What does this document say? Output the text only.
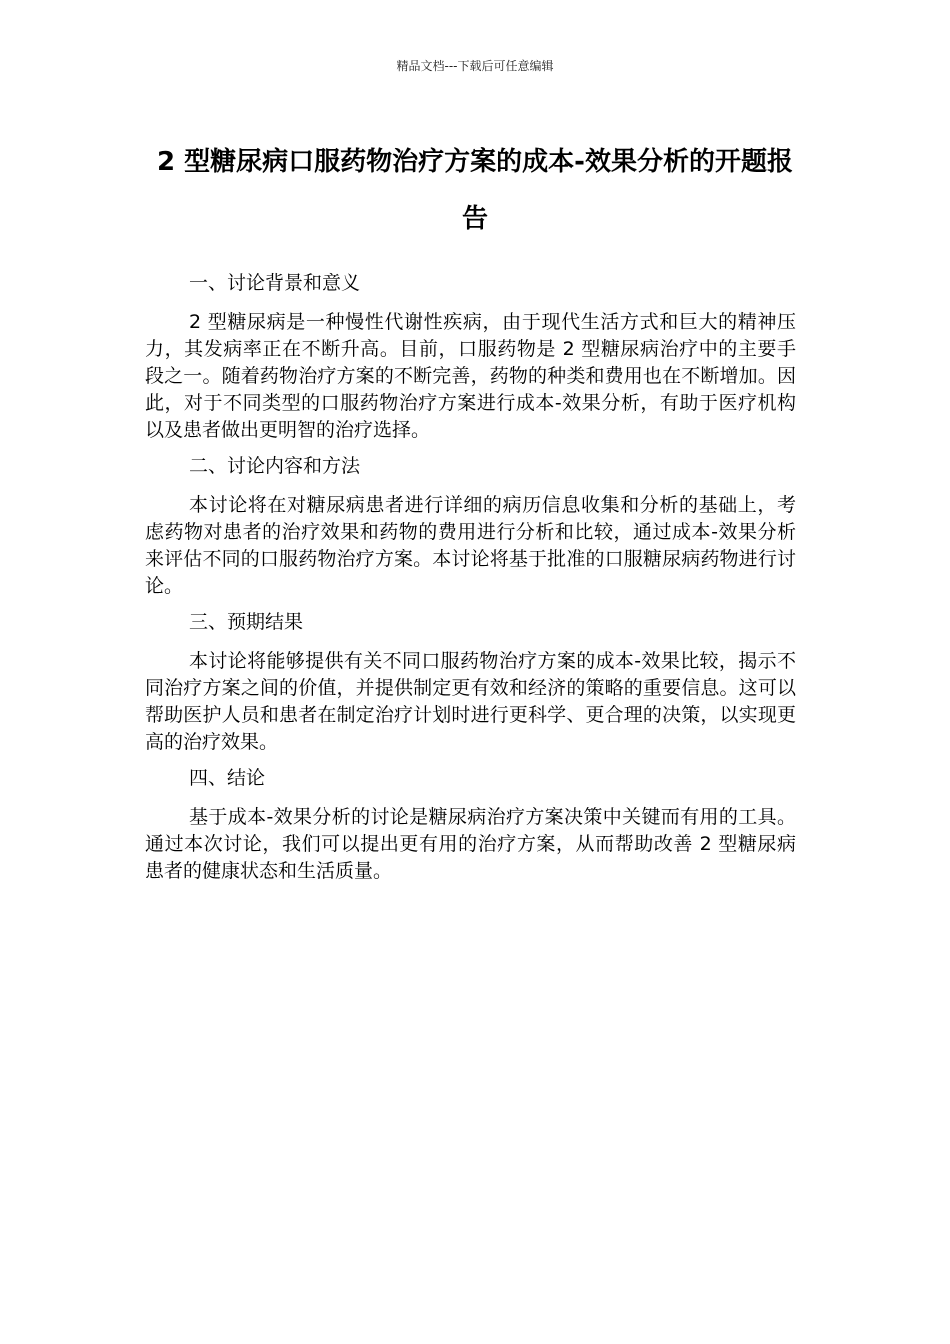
精品文档---下载后可任意编辑
2 型糖尿病口服药物治疗方案的成本-效果分析的开题报告
一、讨论背景和意义

2 型糖尿病是一种慢性代谢性疾病，由于现代生活方式和巨大的精神压力，其发病率正在不断升高。目前，口服药物是 2 型糖尿病治疗中的主要手段之一。随着药物治疗方案的不断完善，药物的种类和费用也在不断增加。因此，对于不同类型的口服药物治疗方案进行成本-效果分析，有助于医疗机构以及患者做出更明智的治疗选择。

二、讨论内容和方法

本讨论将在对糖尿病患者进行详细的病历信息收集和分析的基础上，考虑药物对患者的治疗效果和药物的费用进行分析和比较，通过成本-效果分析来评估不同的口服药物治疗方案。本讨论将基于批准的口服糖尿病药物进行讨论。

三、预期结果

本讨论将能够提供有关不同口服药物治疗方案的成本-效果比较，揭示不同治疗方案之间的价值，并提供制定更有效和经济的策略的重要信息。这可以帮助医护人员和患者在制定治疗计划时进行更科学、更合理的决策，以实现更高的治疗效果。

四、结论

基于成本-效果分析的讨论是糖尿病治疗方案决策中关键而有用的工具。通过本次讨论，我们可以提出更有用的治疗方案，从而帮助改善 2 型糖尿病患者的健康状态和生活质量。
